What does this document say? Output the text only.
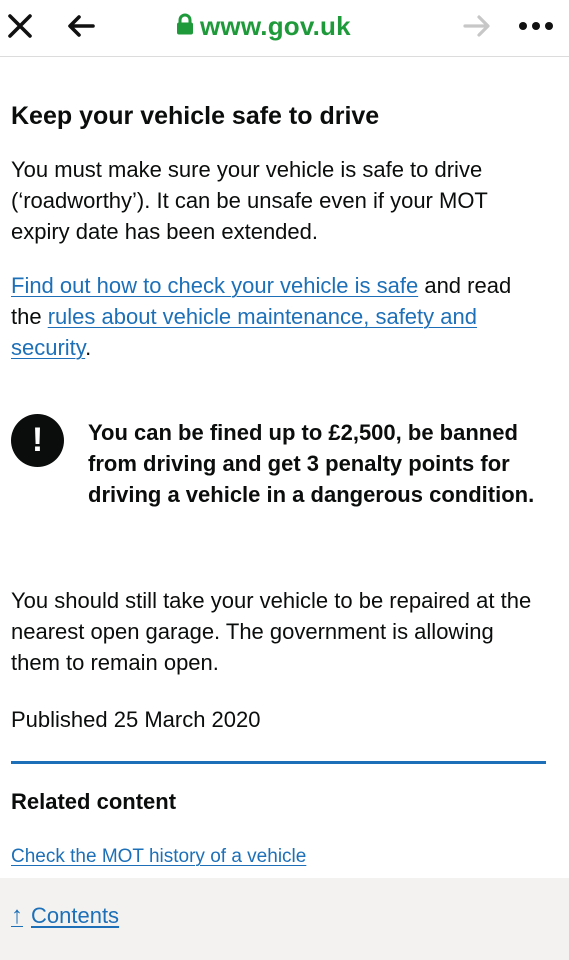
www.gov.uk
Keep your vehicle safe to drive

You must make sure your vehicle is safe to drive (‘roadworthy’). It can be unsafe even if your MOT expiry date has been extended.

Find out how to check your vehicle is safe and read the rules about vehicle maintenance, safety and security.

!	You can be fined up to £2,500, be banned from driving and get 3 penalty points for driving a vehicle in a dangerous condition.

You should still take your vehicle to be repaired at the nearest open garage. The government is allowing them to remain open.

Published 25 March 2020

Related content
Check the MOT history of a vehicle
↑ Contents
